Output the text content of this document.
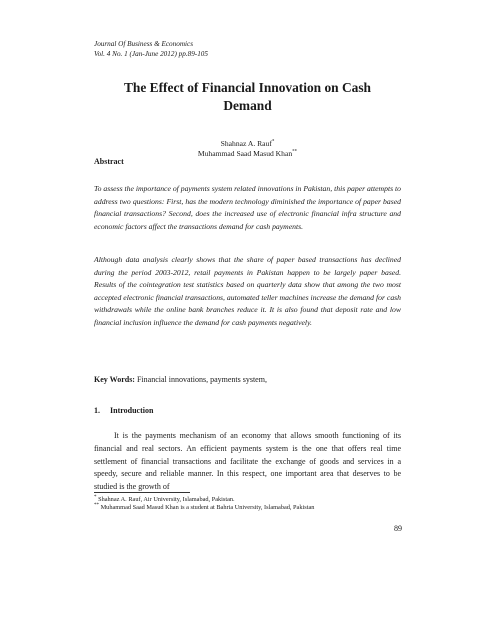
Journal Of Business & Economics
Vol. 4 No. 1 (Jan-June 2012) pp.89-105
The Effect of Financial Innovation on Cash
Demand
Shahnaz A. Rauf*
Muhammad Saad Masud Khan**
Abstract
To assess the importance of payments system related innovations in Pakistan, this paper attempts to address two questions: First, has the modern technology diminished the importance of paper based financial transactions? Second, does the increased use of electronic financial infra structure and economic factors affect the transactions demand for cash payments.
Although data analysis clearly shows that the share of paper based transactions has declined during the period 2003-2012, retail payments in Pakistan happen to be largely paper based. Results of the cointegration test statistics based on quarterly data show that among the two most accepted electronic financial transactions, automated teller machines increase the demand for cash withdrawals while the online bank branches reduce it. It is also found that deposit rate and low financial inclusion influence the demand for cash payments negatively.
Key Words: Financial innovations, payments system,
1. Introduction
It is the payments mechanism of an economy that allows smooth functioning of its financial and real sectors. An efficient payments system is the one that offers real time settlement of financial transactions and facilitate the exchange of goods and services in a speedy, secure and reliable manner. In this respect, one important area that deserves to be studied is the growth of
* Shahnaz A. Rauf, Air University, Islamabad, Pakistan.
** Muhammad Saad Masud Khan is a student at Bahria University, Islamabad, Pakistan
89
